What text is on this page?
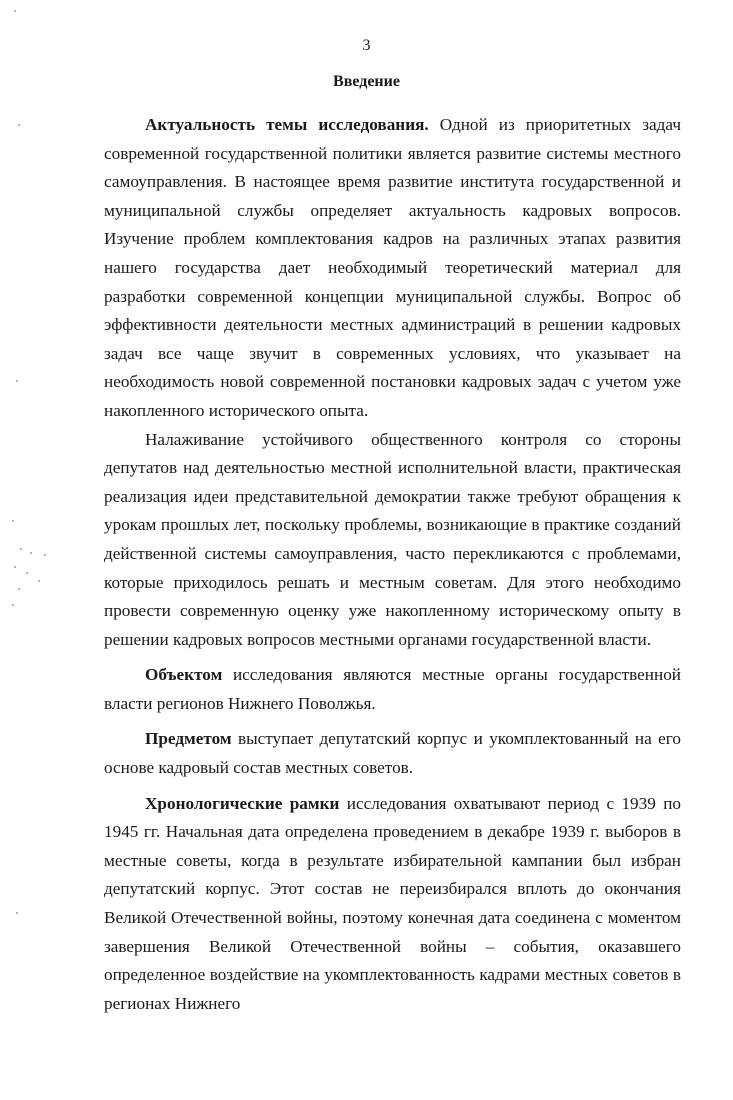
3
Введение

Актуальность темы исследования. Одной из приоритетных задач современной государственной политики является развитие системы местного самоуправления. В настоящее время развитие института государственной и муниципальной службы определяет актуальность кадровых вопросов. Изучение проблем комплектования кадров на различных этапах развития нашего государства дает необходимый теоретический материал для разработки современной концепции муниципальной службы. Вопрос об эффективности деятельности местных администраций в решении кадровых задач все чаще звучит в современных условиях, что указывает на необходимость новой современной постановки кадровых задач с учетом уже накопленного исторического опыта.

Налаживание устойчивого общественного контроля со стороны депутатов над деятельностью местной исполнительной власти, практическая реализация идеи представительной демократии также требуют обращения к урокам прошлых лет, поскольку проблемы, возникающие в практике созданий действенной системы самоуправления, часто перекликаются с проблемами, которые приходилось решать и местным советам. Для этого необходимо провести современную оценку уже накопленному историческому опыту в решении кадровых вопросов местными органами государственной власти.

Объектом исследования являются местные органы государственной власти регионов Нижнего Поволжья.

Предметом выступает депутатский корпус и укомплектованный на его основе кадровый состав местных советов.

Хронологические рамки исследования охватывают период с 1939 по 1945 гг. Начальная дата определена проведением в декабре 1939 г. выборов в местные советы, когда в результате избирательной кампании был избран депутатский корпус. Этот состав не переизбирался вплоть до окончания Великой Отечественной войны, поэтому конечная дата соединена с моментом завершения Великой Отечественной войны – события, оказавшего определенное воздействие на укомплектованность кадрами местных советов в регионах Нижнего
